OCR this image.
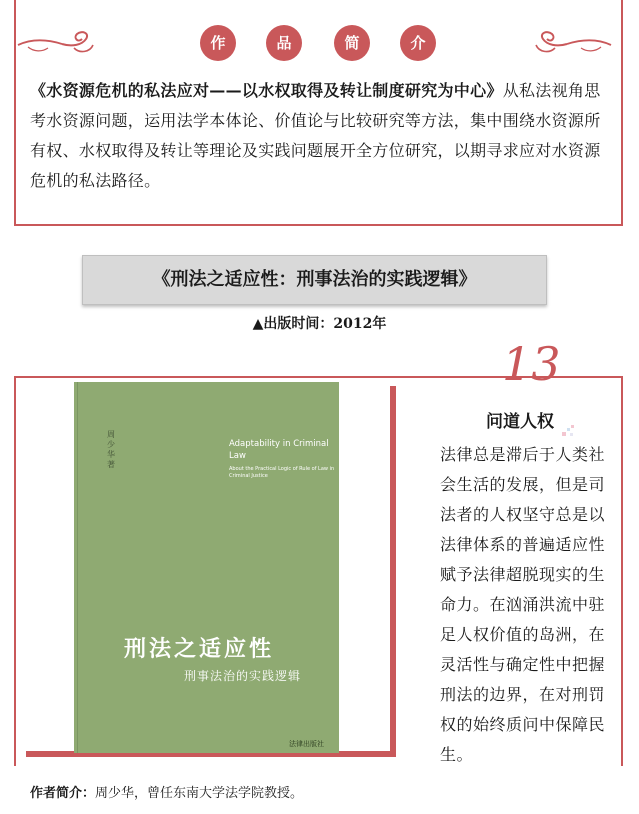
作	品	简	介
《水资源危机的私法应对——以水权取得及转让制度研究为中心》从私法视角思考水资源问题，运用法学本体论、价值论与比较研究等方法，集中围绕水资源所有权、水权取得及转让等理论及实践问题展开全方位研究，以期寻求应对水资源危机的私法路径。
《刑法之适应性：刑事法治的实践逻辑》
▲出版时间：2012年
13
周少华 著
Adaptability in Criminal Law
About the Practical Logic of Rule of Law in Criminal Justice
刑法之适应性
刑事法治的实践逻辑
法律出版社
问道人权
法律总是滞后于人类社会生活的发展，但是司法者的人权坚守总是以法律体系的普遍适应性赋予法律超脱现实的生命力。在汹涌洪流中驻足人权价值的岛洲，在灵活性与确定性中把握刑法的边界，在对刑罚权的始终质问中保障民生。
作者简介：周少华，曾任东南大学法学院教授。
